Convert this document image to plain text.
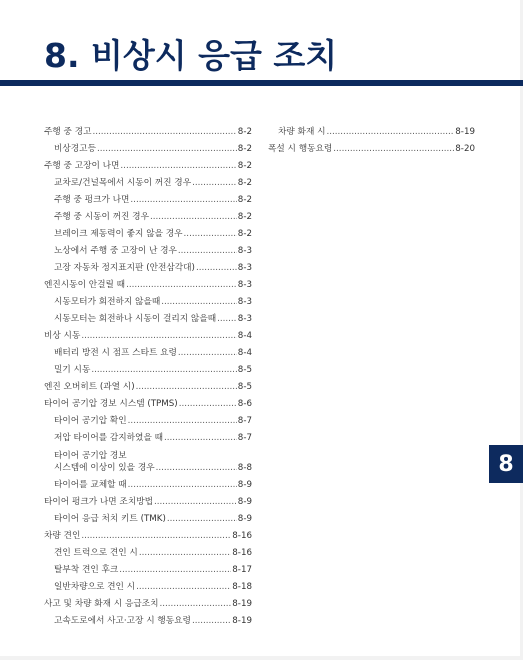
8. 비상시 응급 조치
주행 중 경고 .....	8-2
비상경고등 .....	8-2
주행 중 고장이 나면 .....	8-2
교차로/건널목에서 시동이 꺼진 경우 .....	8-2
주행 중 펑크가 나면 .....	8-2
주행 중 시동이 꺼진 경우 .....	8-2
브레이크 제동력이 좋지 않을 경우 .....	8-2
노상에서 주행 중 고장이 난 경우 .....	8-3
고장 자동차 정지표지판 (안전삼각대) .....	8-3
엔진시동이 안걸릴 때 .....	8-3
시동모터가 회전하지 않을때 .....	8-3
시동모터는 회전하나 시동이 걸리지 않을때 ..... 8-3
비상 시동 .....	8-4
배터리 방전 시 점프 스타트 요령 .....	8-4
밀기 시동 .....	8-5
엔진 오버히트 (과열 시) .....	8-5
타이어 공기압 경보 시스템 (TPMS) .....	8-6
타이어 공기압 확인 .....	8-7
저압 타이어를 감지하였을 때 .....	8-7
타이어 공기압 경보
시스템에 이상이 있을 경우 .....	8-8
타이어를 교체할 때 .....	8-9
타이어 펑크가 나면 조치방법 .....	8-9
타이어 응급 처치 키트 (TMK) .....	8-9
차량 견인 .....	8-16
견인 트럭으로 견인 시 .....	8-16
탈부착 견인 후크 .....	8-17
일반차량으로 견인 시 .....	8-18
사고 및 차량 화재 시 응급조치 .....	8-19
고속도로에서 사고·고장 시 행동요령 .....	8-19
차량 화재 시 .....	8-19
폭설 시 행동요령 .....	8-20
8
